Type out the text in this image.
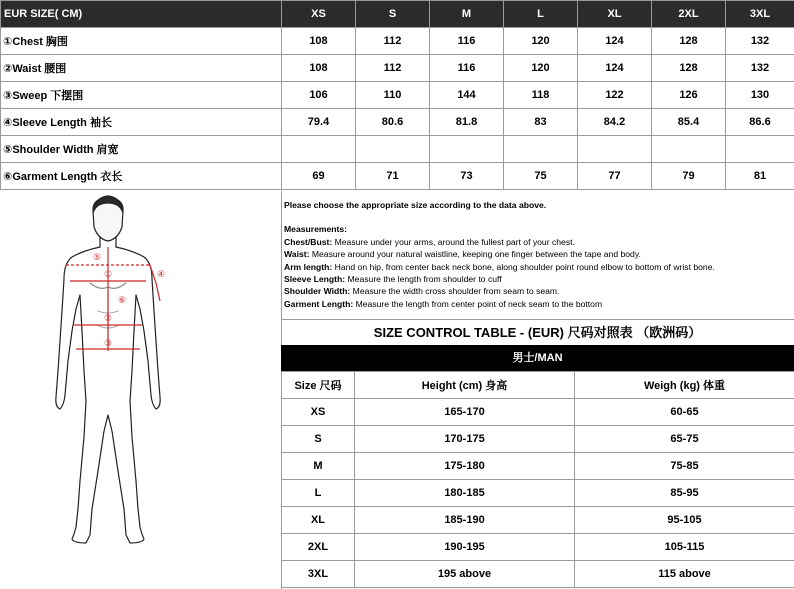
EUR SIZE( CM)	XS	S	M	L	XL	2XL	3XL
①Chest 胸围	108	112	116	120	124	128	132
②Waist 腰围	108	112	116	120	124	128	132
③Sweep 下摆围	106	110	144	118	122	126	130
④Sleeve Length 袖长	79.4	80.6	81.8	83	84.2	85.4	86.6
⑤Shoulder Width 肩宽							
⑥Garment Length 衣长	69	71	73	75	77	79	81
⑤
①
②
③
⑥
④
Please choose the appropriate size according to the data above.
Measurements:
Chest/Bust: Measure under your arms, around the fullest part of your chest.
Waist: Measure around your natural waistline, keeping one finger between the tape and body.
Arm length: Hand on hip, from center back neck bone, along shoulder point round elbow to bottom of wrist bone.
Sleeve Length: Measure the length from shoulder to cuff
Shoulder Width: Measure the width cross shoulder from seam to seam.
Garment Length: Measure the length from center point of neck seam to the bottom
SIZE CONTROL TABLE - (EUR) 尺码对照表 （欧洲码）
男士/MAN
Size 尺码	Height (cm) 身高	Weigh (kg) 体重
XS	165-170	60-65
S	170-175	65-75
M	175-180	75-85
L	180-185	85-95
XL	185-190	95-105
2XL	190-195	105-115
3XL	195 above	115 above
